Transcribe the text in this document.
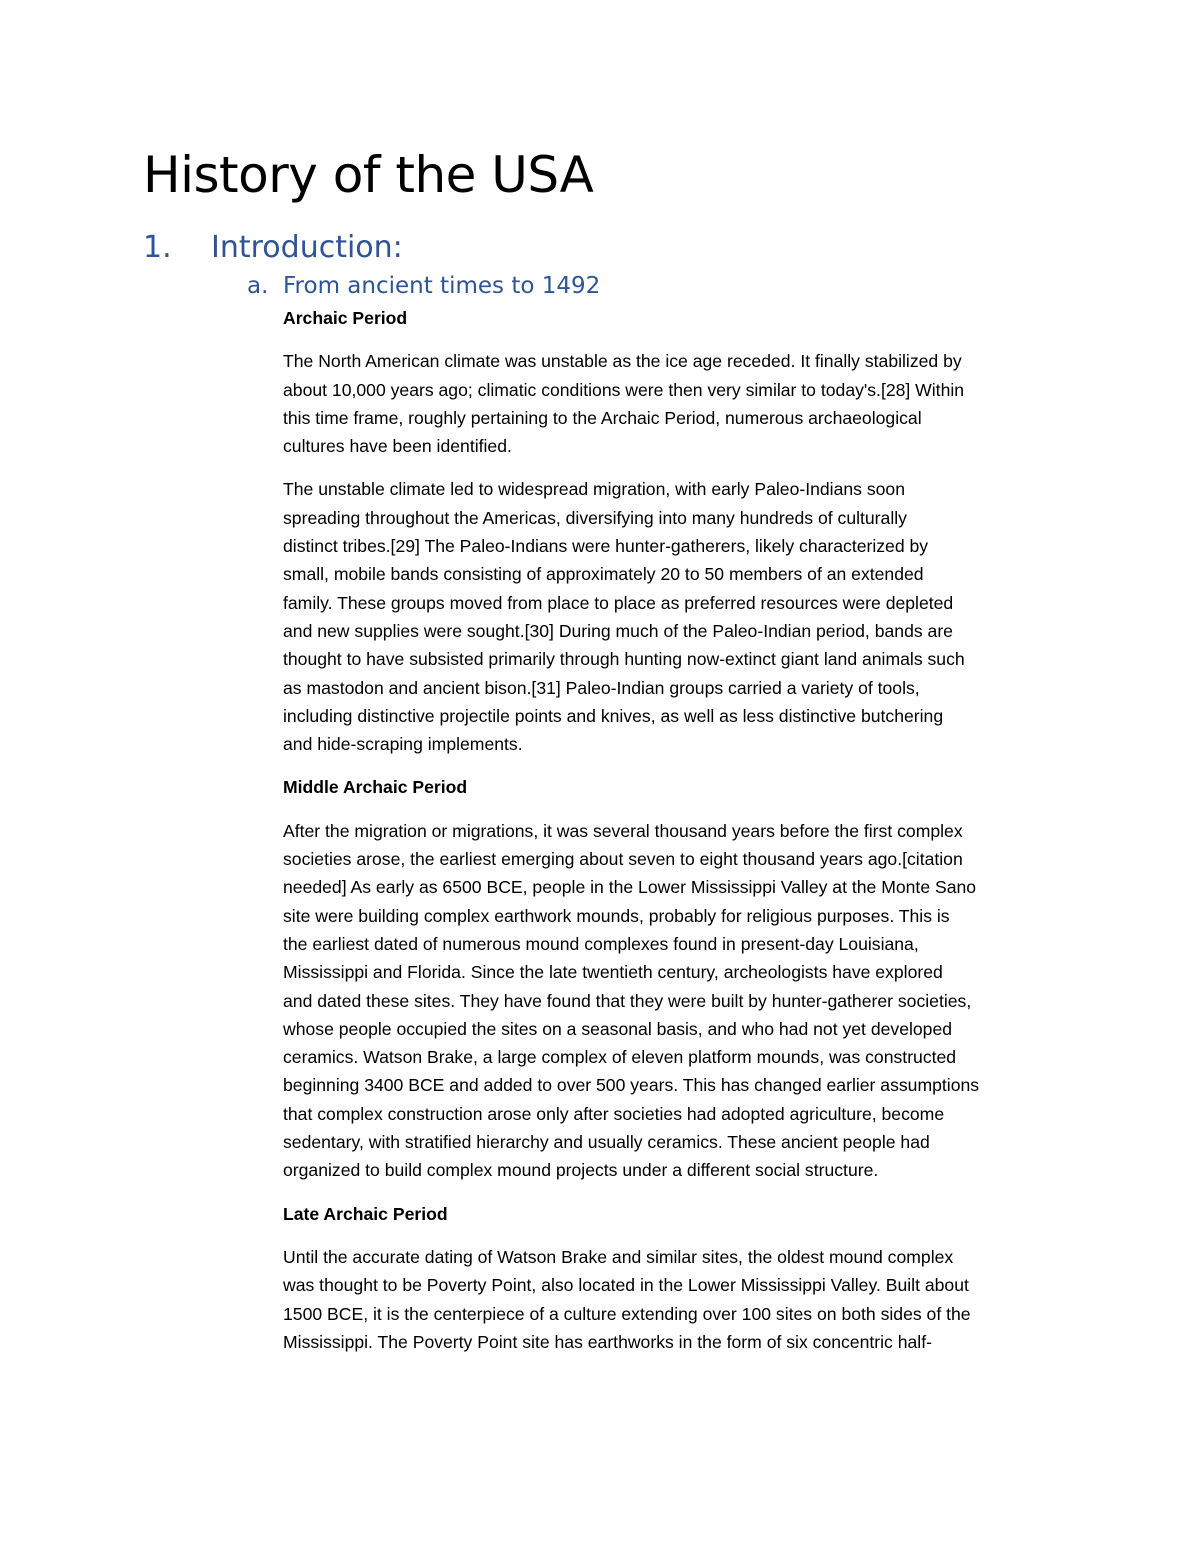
History of the USA
1. Introduction:
a. From ancient times to 1492
Archaic Period

The North American climate was unstable as the ice age receded. It finally stabilized by
about 10,000 years ago; climatic conditions were then very similar to today's.[28] Within
this time frame, roughly pertaining to the Archaic Period, numerous archaeological
cultures have been identified.

The unstable climate led to widespread migration, with early Paleo-Indians soon
spreading throughout the Americas, diversifying into many hundreds of culturally
distinct tribes.[29] The Paleo-Indians were hunter-gatherers, likely characterized by
small, mobile bands consisting of approximately 20 to 50 members of an extended
family. These groups moved from place to place as preferred resources were depleted
and new supplies were sought.[30] During much of the Paleo-Indian period, bands are
thought to have subsisted primarily through hunting now-extinct giant land animals such
as mastodon and ancient bison.[31] Paleo-Indian groups carried a variety of tools,
including distinctive projectile points and knives, as well as less distinctive butchering
and hide-scraping implements.

Middle Archaic Period

After the migration or migrations, it was several thousand years before the first complex
societies arose, the earliest emerging about seven to eight thousand years ago.[citation
needed] As early as 6500 BCE, people in the Lower Mississippi Valley at the Monte Sano
site were building complex earthwork mounds, probably for religious purposes. This is
the earliest dated of numerous mound complexes found in present-day Louisiana,
Mississippi and Florida. Since the late twentieth century, archeologists have explored
and dated these sites. They have found that they were built by hunter-gatherer societies,
whose people occupied the sites on a seasonal basis, and who had not yet developed
ceramics. Watson Brake, a large complex of eleven platform mounds, was constructed
beginning 3400 BCE and added to over 500 years. This has changed earlier assumptions
that complex construction arose only after societies had adopted agriculture, become
sedentary, with stratified hierarchy and usually ceramics. These ancient people had
organized to build complex mound projects under a different social structure.

Late Archaic Period

Until the accurate dating of Watson Brake and similar sites, the oldest mound complex
was thought to be Poverty Point, also located in the Lower Mississippi Valley. Built about
1500 BCE, it is the centerpiece of a culture extending over 100 sites on both sides of the
Mississippi. The Poverty Point site has earthworks in the form of six concentric half-
